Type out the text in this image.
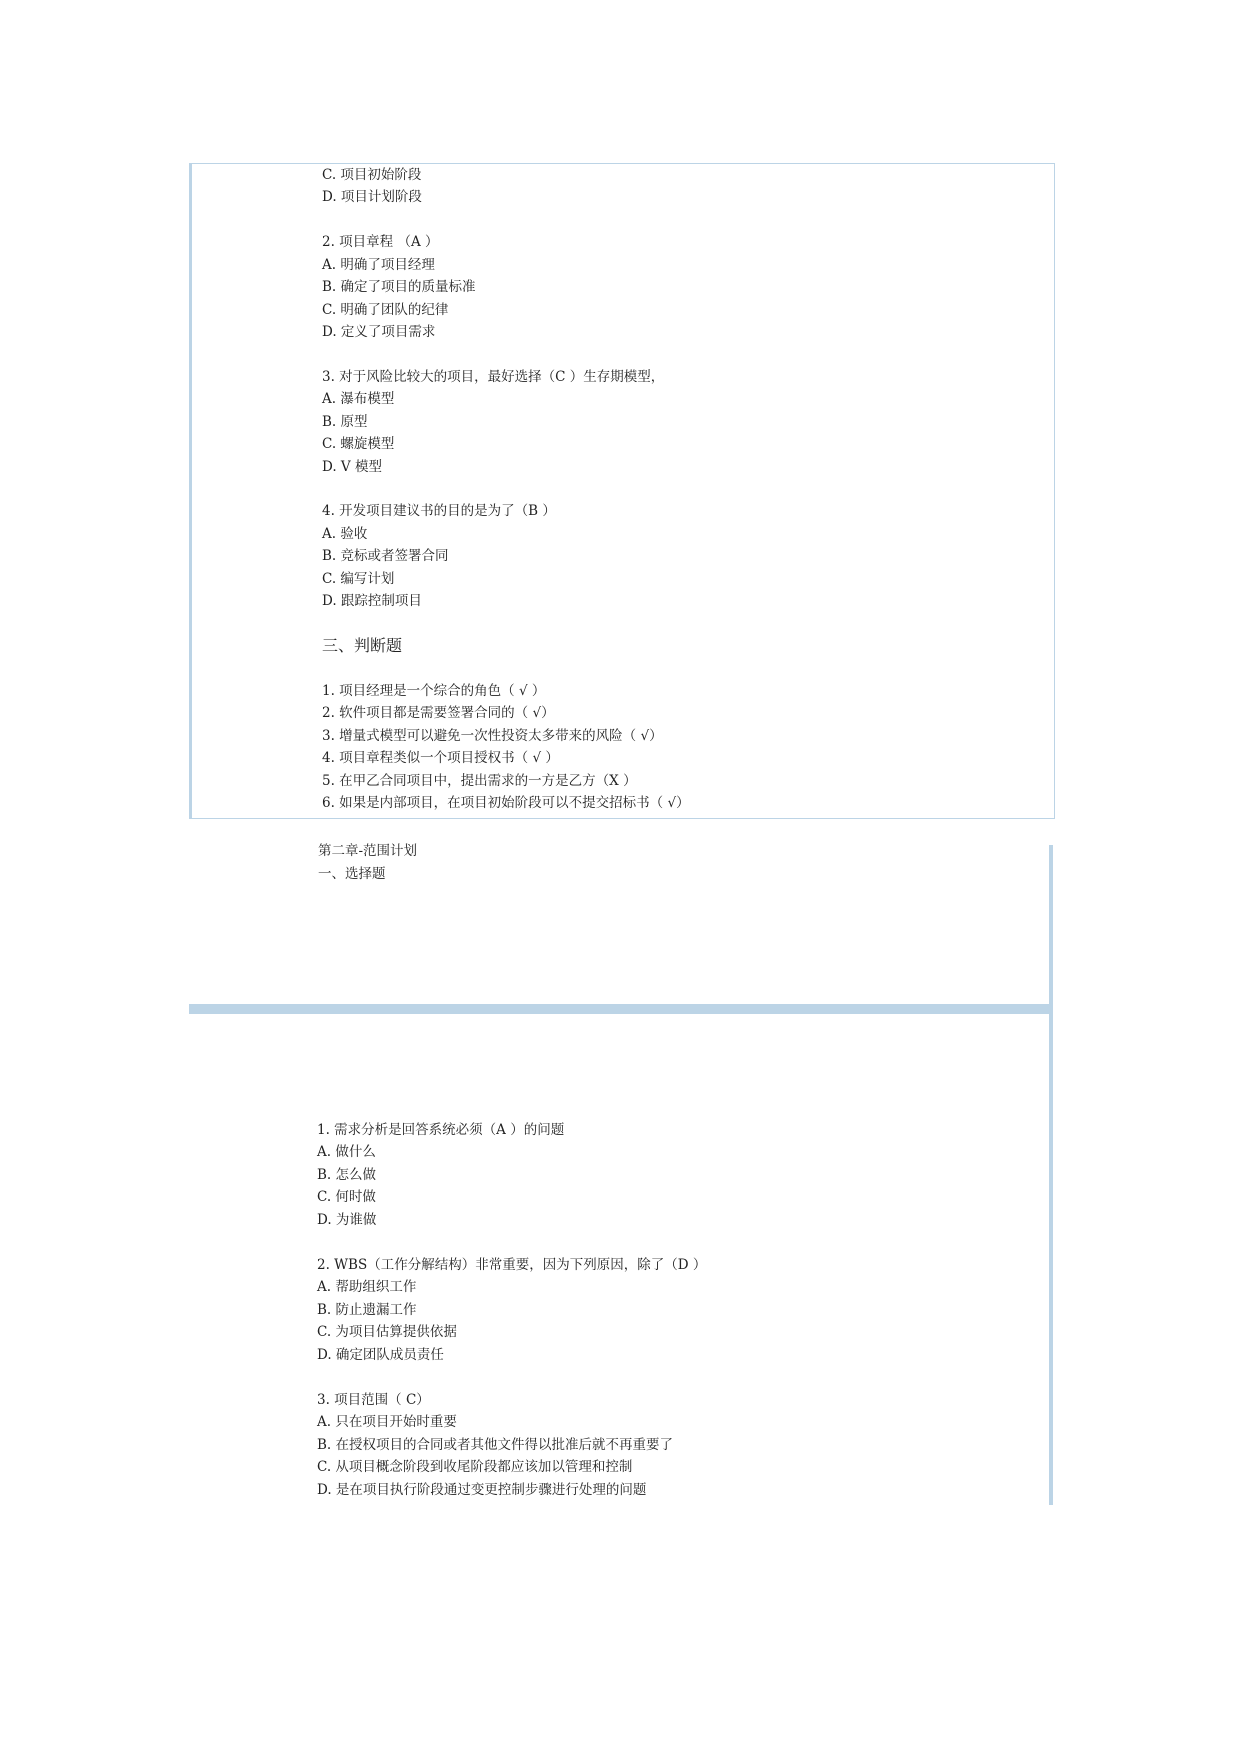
C. 项目初始阶段
D. 项目计划阶段
2. 项目章程 （A ）
A. 明确了项目经理
B. 确定了项目的质量标准
C. 明确了团队的纪律
D. 定义了项目需求
3. 对于风险比较大的项目，最好选择（C ）生存期模型，
A. 瀑布模型
B. 原型
C. 螺旋模型
D. V 模型
4. 开发项目建议书的目的是为了（B ）
A. 验收
B. 竞标或者签署合同
C. 编写计划
D. 跟踪控制项目
三、判断题
1. 项目经理是一个综合的角色（ √ ）
2. 软件项目都是需要签署合同的（ √）
3. 增量式模型可以避免一次性投资太多带来的风险（ √）
4. 项目章程类似一个项目授权书（ √ ）
5. 在甲乙合同项目中，提出需求的一方是乙方（X ）
6. 如果是内部项目，在项目初始阶段可以不提交招标书（ √）
第二章-范围计划
一、选择题
1. 需求分析是回答系统必须（A ）的问题
A. 做什么
B. 怎么做
C. 何时做
D. 为谁做
2. WBS（工作分解结构）非常重要，因为下列原因，除了（D ）
A. 帮助组织工作
B. 防止遗漏工作
C. 为项目估算提供依据
D. 确定团队成员责任
3. 项目范围（ C）
A. 只在项目开始时重要
B. 在授权项目的合同或者其他文件得以批准后就不再重要了
C. 从项目概念阶段到收尾阶段都应该加以管理和控制
D. 是在项目执行阶段通过变更控制步骤进行处理的问题
